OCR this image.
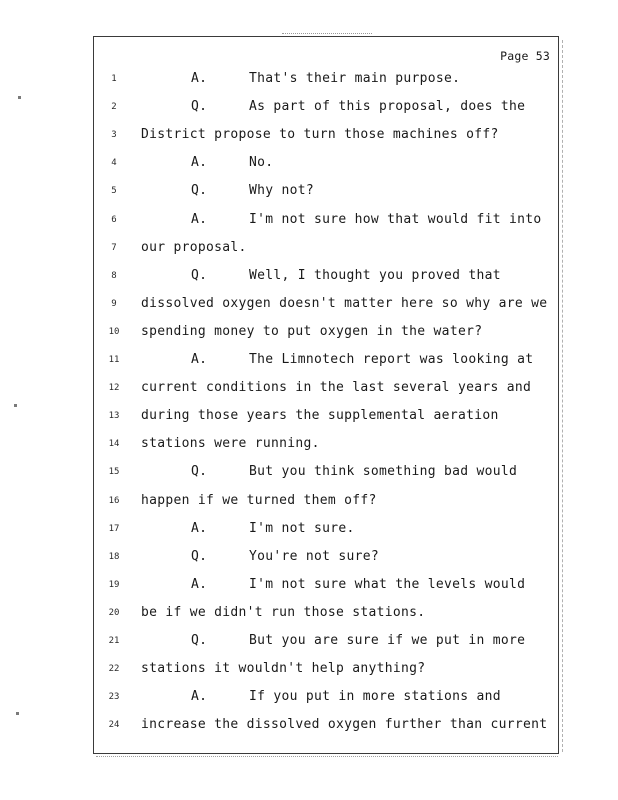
Page 53
1	A.	That's their main purpose.
2	Q.	As part of this proposal, does the
3	District propose to turn those machines off?
4	A.	No.
5	Q.	Why not?
6	A.	I'm not sure how that would fit into
7	our proposal.
8	Q.	Well, I thought you proved that
9	dissolved oxygen doesn't matter here so why are we
10	spending money to put oxygen in the water?
11	A.	The Limnotech report was looking at
12	current conditions in the last several years and
13	during those years the supplemental aeration
14	stations were running.
15	Q.	But you think something bad would
16	happen if we turned them off?
17	A.	I'm not sure.
18	Q.	You're not sure?
19	A.	I'm not sure what the levels would
20	be if we didn't run those stations.
21	Q.	But you are sure if we put in more
22	stations it wouldn't help anything?
23	A.	If you put in more stations and
24	increase the dissolved oxygen further than current
